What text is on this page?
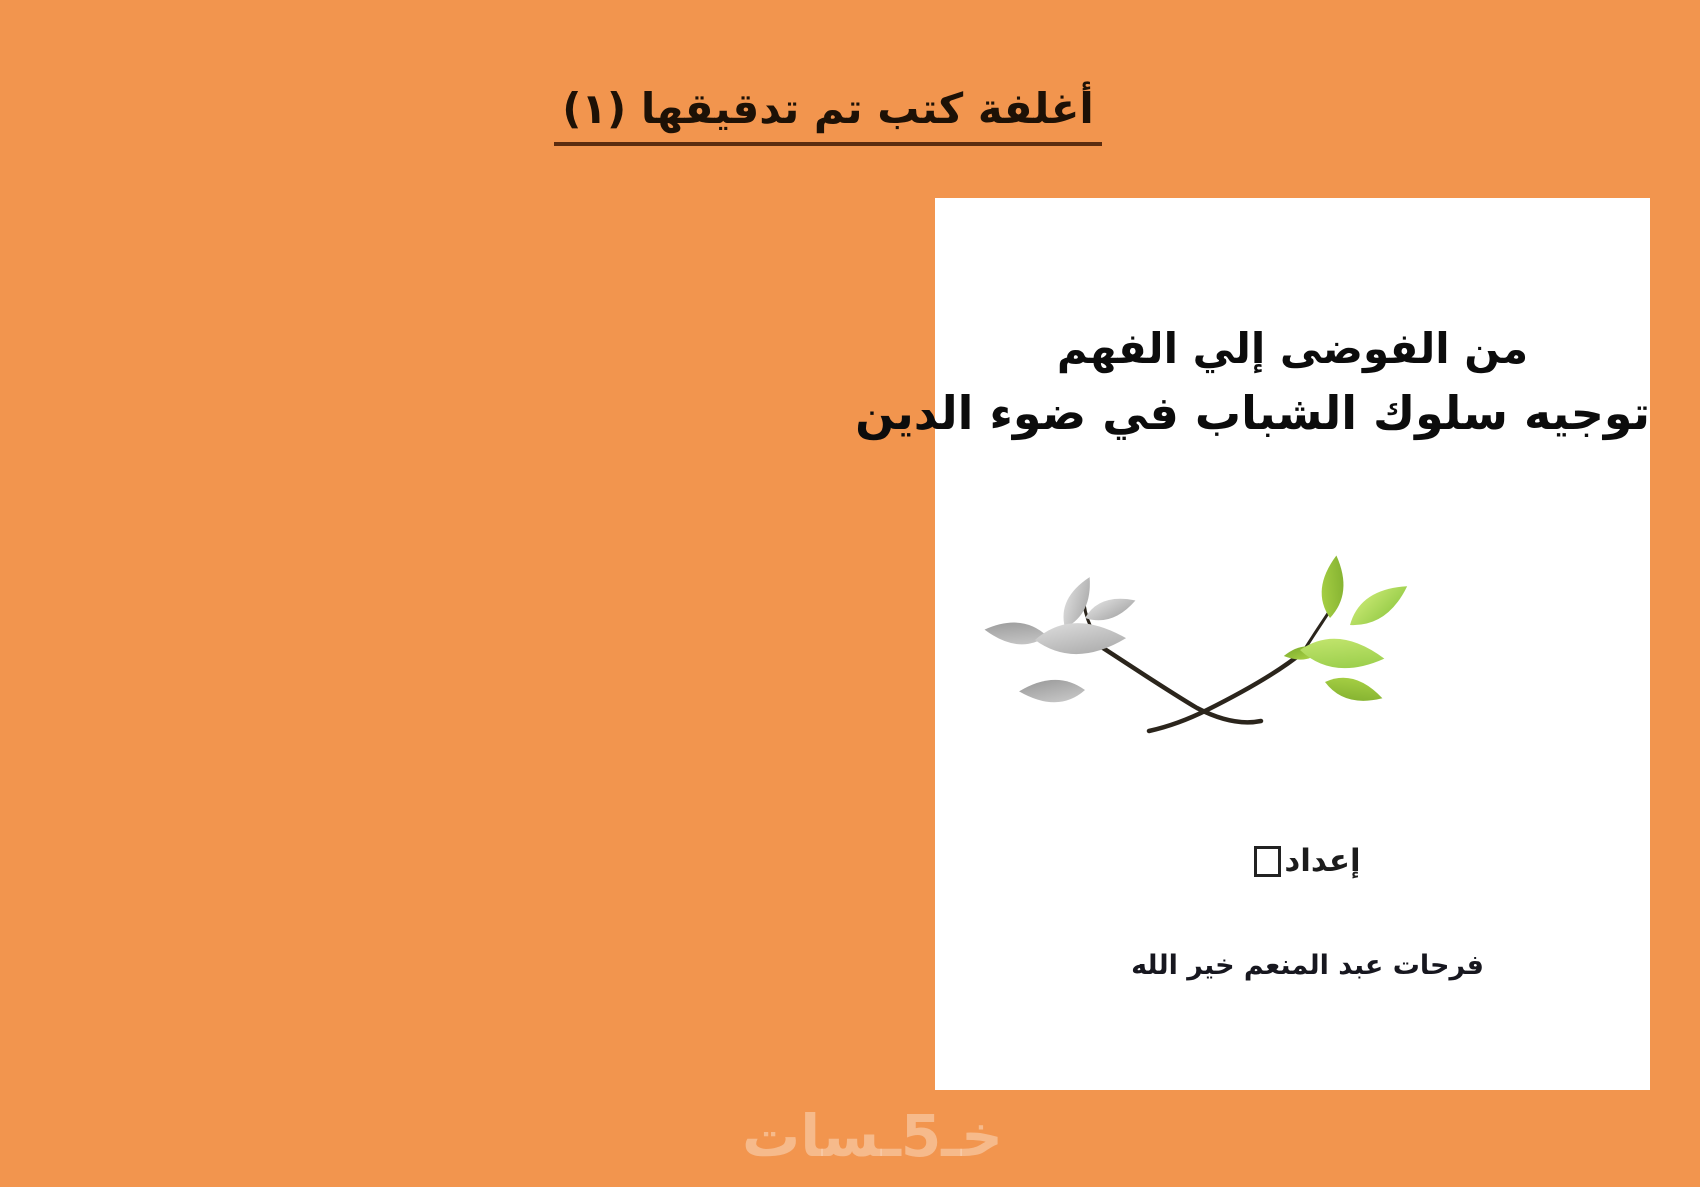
أغلفة كتب تم تدقيقها (١)
من الفوضى إلي الفهم
توجيه سلوك الشباب في ضوء الدين
إعداد
فرحات عبد المنعم خير الله
خـ5ـسات
